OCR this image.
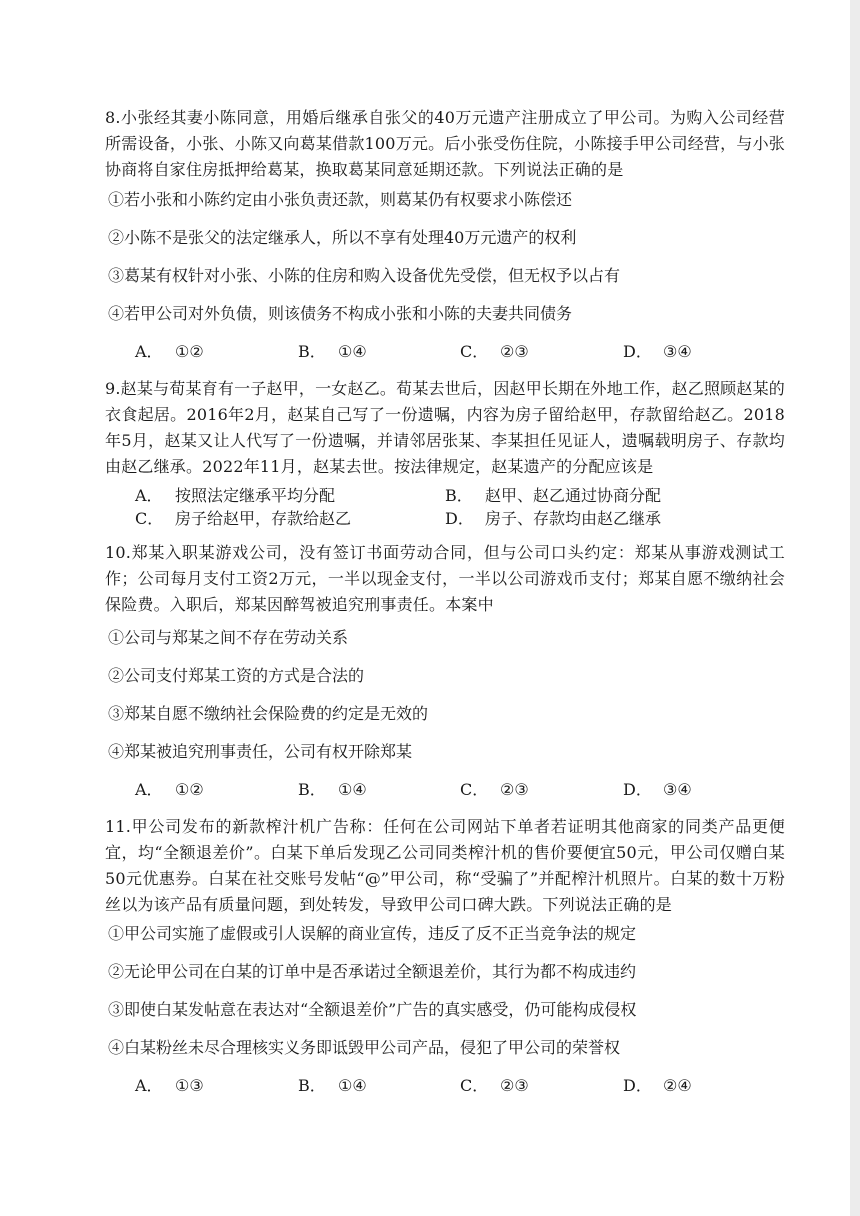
8.小张经其妻小陈同意，用婚后继承自张父的40万元遗产注册成立了甲公司。为购入公司经营所需设备，小张、小陈又向葛某借款100万元。后小张受伤住院，小陈接手甲公司经营，与小张协商将自家住房抵押给葛某，换取葛某同意延期还款。下列说法正确的是

①若小张和小陈约定由小张负责还款，则葛某仍有权要求小陈偿还
②小陈不是张父的法定继承人，所以不享有处理40万元遗产的权利
③葛某有权针对小张、小陈的住房和购入设备优先受偿，但无权予以占有
④若甲公司对外负债，则该债务不构成小张和小陈的夫妻共同债务
A． ①②	B． ①④	C． ②③	D． ③④

9.赵某与荀某育有一子赵甲，一女赵乙。荀某去世后，因赵甲长期在外地工作，赵乙照顾赵某的衣食起居。2016年2月，赵某自己写了一份遗嘱，内容为房子留给赵甲，存款留给赵乙。2018年5月，赵某又让人代写了一份遗嘱，并请邻居张某、李某担任见证人，遗嘱载明房子、存款均由赵乙继承。2022年11月，赵某去世。按法律规定，赵某遗产的分配应该是

A． 按照法定继承平均分配	B． 赵甲、赵乙通过协商分配
C． 房子给赵甲，存款给赵乙	D． 房子、存款均由赵乙继承

10.郑某入职某游戏公司，没有签订书面劳动合同，但与公司口头约定：郑某从事游戏测试工作；公司每月支付工资2万元，一半以现金支付，一半以公司游戏币支付；郑某自愿不缴纳社会保险费。入职后，郑某因醉驾被追究刑事责任。本案中

①公司与郑某之间不存在劳动关系
②公司支付郑某工资的方式是合法的
③郑某自愿不缴纳社会保险费的约定是无效的
④郑某被追究刑事责任，公司有权开除郑某
A． ①②	B． ①④	C． ②③	D． ③④

11.甲公司发布的新款榨汁机广告称：任何在公司网站下单者若证明其他商家的同类产品更便宜，均“全额退差价”。白某下单后发现乙公司同类榨汁机的售价要便宜50元，甲公司仅赠白某50元优惠券。白某在社交账号发帖“@”甲公司，称“受骗了”并配榨汁机照片。白某的数十万粉丝以为该产品有质量问题，到处转发，导致甲公司口碑大跌。下列说法正确的是

①甲公司实施了虚假或引人误解的商业宣传，违反了反不正当竞争法的规定
②无论甲公司在白某的订单中是否承诺过全额退差价，其行为都不构成违约
③即使白某发帖意在表达对“全额退差价”广告的真实感受，仍可能构成侵权
④白某粉丝未尽合理核实义务即诋毁甲公司产品，侵犯了甲公司的荣誉权
A． ①③	B． ①④	C． ②③	D． ②④
